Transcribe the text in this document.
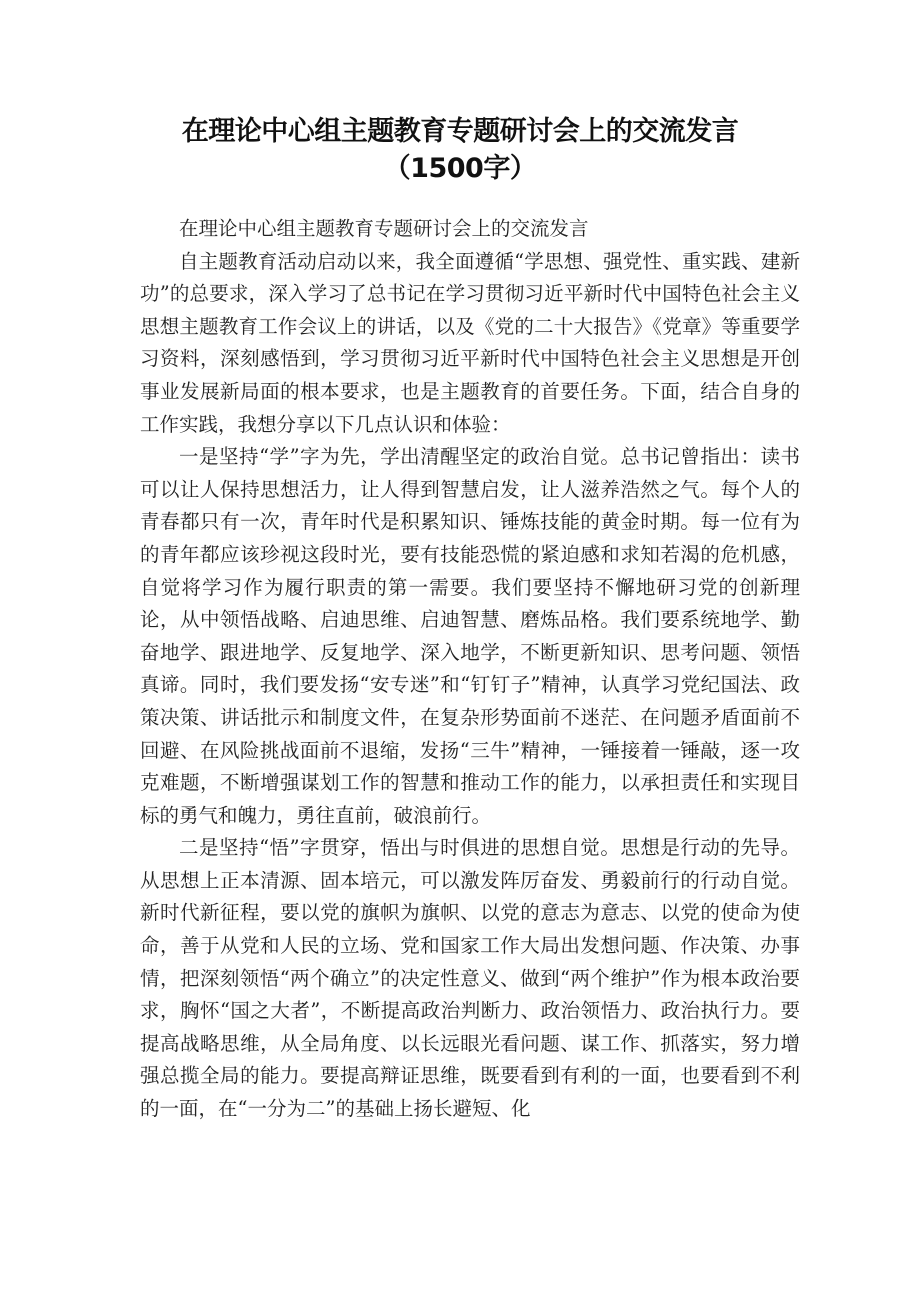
在理论中心组主题教育专题研讨会上的交流发言（1500字）

在理论中心组主题教育专题研讨会上的交流发言

自主题教育活动启动以来，我全面遵循“学思想、强党性、重实践、建新功”的总要求，深入学习了总书记在学习贯彻习近平新时代中国特色社会主义思想主题教育工作会议上的讲话，以及《党的二十大报告》《党章》等重要学习资料，深刻感悟到，学习贯彻习近平新时代中国特色社会主义思想是开创事业发展新局面的根本要求，也是主题教育的首要任务。下面，结合自身的工作实践，我想分享以下几点认识和体验：

一是坚持“学”字为先，学出清醒坚定的政治自觉。总书记曾指出：读书可以让人保持思想活力，让人得到智慧启发，让人滋养浩然之气。每个人的青春都只有一次，青年时代是积累知识、锤炼技能的黄金时期。每一位有为的青年都应该珍视这段时光，要有技能恐慌的紧迫感和求知若渴的危机感，自觉将学习作为履行职责的第一需要。我们要坚持不懈地研习党的创新理论，从中领悟战略、启迪思维、启迪智慧、磨炼品格。我们要系统地学、勤奋地学、跟进地学、反复地学、深入地学，不断更新知识、思考问题、领悟真谛。同时，我们要发扬“安专迷”和“钉钉子”精神，认真学习党纪国法、政策决策、讲话批示和制度文件，在复杂形势面前不迷茫、在问题矛盾面前不回避、在风险挑战面前不退缩，发扬“三牛”精神，一锤接着一锤敲，逐一攻克难题，不断增强谋划工作的智慧和推动工作的能力，以承担责任和实现目标的勇气和魄力，勇往直前，破浪前行。

二是坚持“悟”字贯穿，悟出与时俱进的思想自觉。思想是行动的先导。从思想上正本清源、固本培元，可以激发阵厉奋发、勇毅前行的行动自觉。新时代新征程，要以党的旗帜为旗帜、以党的意志为意志、以党的使命为使命，善于从党和人民的立场、党和国家工作大局出发想问题、作决策、办事情，把深刻领悟“两个确立”的决定性意义、做到“两个维护”作为根本政治要求，胸怀“国之大者”，不断提高政治判断力、政治领悟力、政治执行力。要提高战略思维，从全局角度、以长远眼光看问题、谋工作、抓落实，努力增强总揽全局的能力。要提高辩证思维，既要看到有利的一面，也要看到不利的一面，在“一分为二”的基础上扬长避短、化
